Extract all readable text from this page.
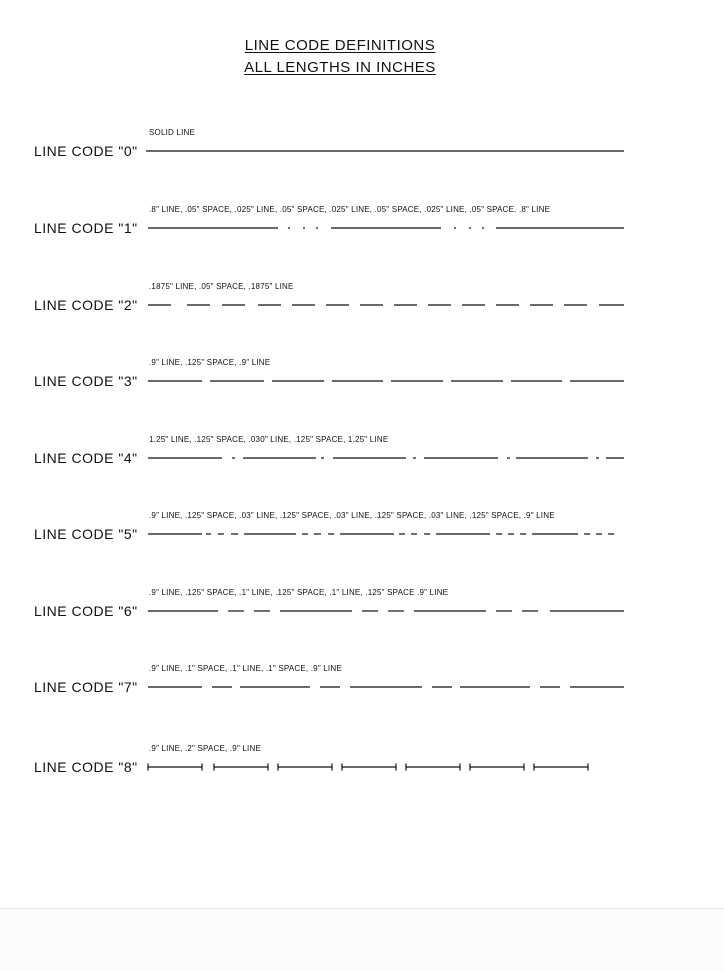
LINE CODE DEFINITIONS
ALL LENGTHS IN INCHES
SOLID LINE
LINE CODE "0"
.8" LINE, .05" SPACE, .025" LINE, .05" SPACE, .025" LINE, .05" SPACE, .025" LINE, .05" SPACE. .8" LINE
LINE CODE "1"
.1875" LINE, .05" SPACE, .1875" LINE
LINE CODE "2"
.9" LINE, .125" SPACE, .9" LINE
LINE CODE "3"
1.25" LINE, .125" SPACE, .030" LINE, .125" SPACE, 1.25" LINE
LINE CODE "4"
.9" LINE, .125" SPACE, .03" LINE, .125" SPACE, .03" LINE, .125" SPACE, .03" LINE, .125" SPACE, .9" LINE
LINE CODE "5"
.9" LINE, .125" SPACE, .1" LINE, .125" SPACE, .1" LINE, .125" SPACE .9" LINE
LINE CODE "6"
.9" LINE, .1" SPACE, .1" LINE, .1" SPACE, .9" LINE
LINE CODE "7"
.9" LINE, .2" SPACE, .9" LINE
LINE CODE "8"
